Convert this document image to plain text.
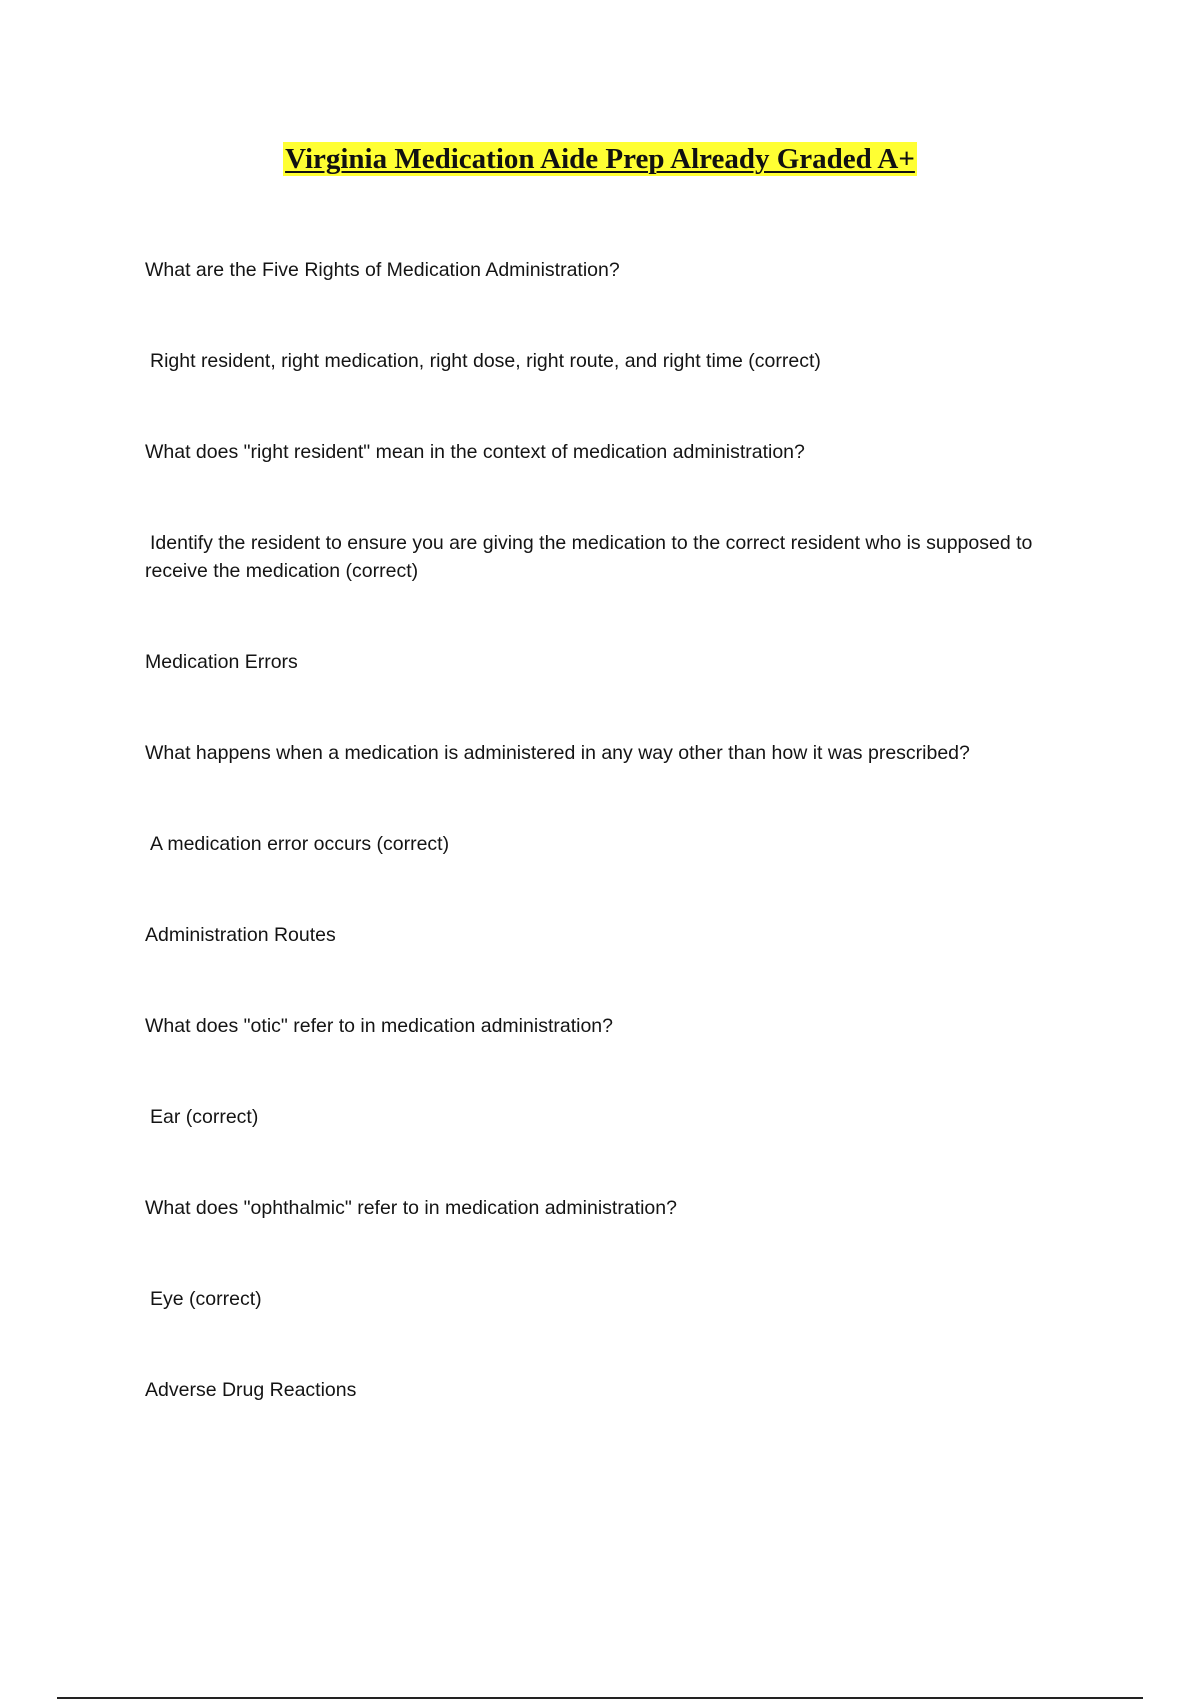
Virginia Medication Aide Prep Already Graded A+

What are the Five Rights of Medication Administration?

Right resident, right medication, right dose, right route, and right time (correct)

What does "right resident" mean in the context of medication administration?

Identify the resident to ensure you are giving the medication to the correct resident who is supposed to receive the medication (correct)

Medication Errors

What happens when a medication is administered in any way other than how it was prescribed?

A medication error occurs (correct)

Administration Routes

What does "otic" refer to in medication administration?

Ear (correct)

What does "ophthalmic" refer to in medication administration?

Eye (correct)

Adverse Drug Reactions
